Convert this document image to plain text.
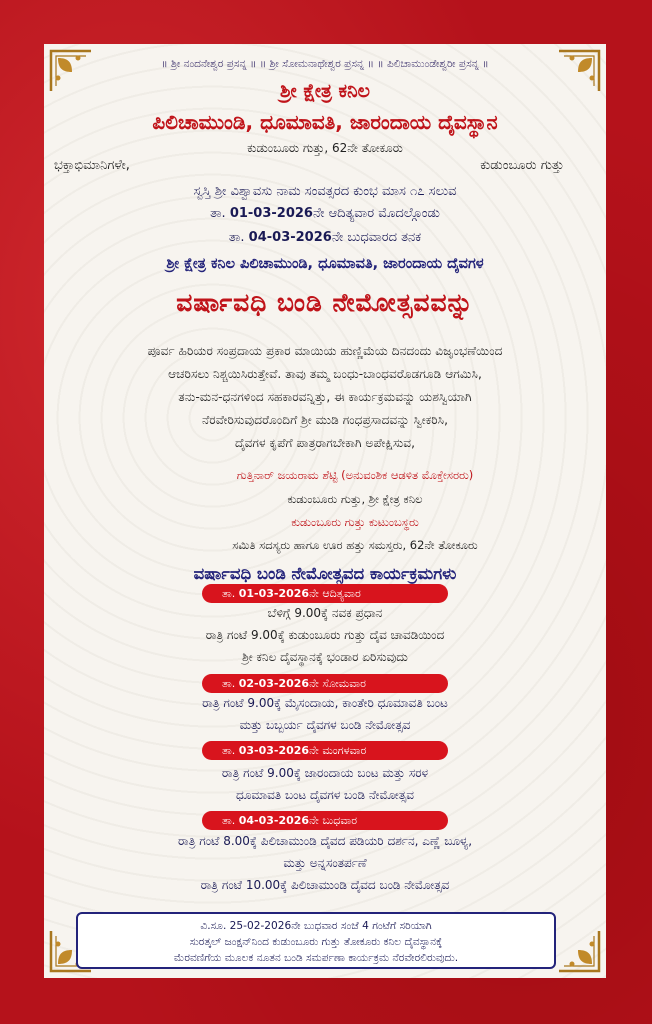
॥ ಶ್ರೀ ನಂದನೇಶ್ವರ ಪ್ರಸನ್ನ ॥ ॥ ಶ್ರೀ ಸೋಮನಾಥೇಶ್ವರ ಪ್ರಸನ್ನ ॥ ॥ ಪಿಲಿಚಾಮುಂಡೇಶ್ವರೀ ಪ್ರಸನ್ನ ॥
ಶ್ರೀ ಕ್ಷೇತ್ರ ಕನಿಲ
ಪಿಲಿಚಾಮುಂಡಿ, ಧೂಮಾವತಿ, ಜಾರಂದಾಯ ದೈವಸ್ಥಾನ
ಕುಡುಂಬೂರು ಗುತ್ತು, 62ನೇ ತೋಕೂರು
ಭಕ್ತಾಭಿಮಾನಿಗಳೇ,	ಕುಡುಂಬೂರು ಗುತ್ತು
ಸ್ವಸ್ತಿ ಶ್ರೀ ವಿಶ್ವಾವಸು ನಾಮ ಸಂವತ್ಸರದ ಕುಂಭ ಮಾಸ ೧೭ ಸಲುವ
ತಾ. 01-03-2026ನೇ ಆದಿತ್ಯವಾರ ಮೊದಲ್ಗೊಂಡು
ತಾ. 04-03-2026ನೇ ಬುಧವಾರದ ತನಕ
ಶ್ರೀ ಕ್ಷೇತ್ರ ಕನಿಲ ಪಿಲಿಚಾಮುಂಡಿ, ಧೂಮಾವತಿ, ಜಾರಂದಾಯ ದೈವಗಳ
ವರ್ಷಾವಧಿ ಬಂಡಿ ನೇಮೋತ್ಸವವನ್ನು
ಪೂರ್ವ ಹಿರಿಯರ ಸಂಪ್ರದಾಯ ಪ್ರಕಾರ ಮಾಯಿಯ ಹುಣ್ಣಿಮೆಯ ದಿನದಂದು ವಿಜೃಂಭಣೆಯಿಂದ
ಆಚರಿಸಲು ನಿಶ್ಚಯಿಸಿರುತ್ತೇವೆ. ತಾವು ತಮ್ಮ ಬಂಧು-ಬಾಂಧವರೊಡಗೂಡಿ ಆಗಮಿಸಿ,
ತನು-ಮನ-ಧನಗಳಿಂದ ಸಹಕಾರವನ್ನಿತ್ತು, ಈ ಕಾರ್ಯಕ್ರಮವನ್ನು ಯಶಸ್ವಿಯಾಗಿ
ನೆರವೇರಿಸುವುದರೊಂದಿಗೆ ಶ್ರೀ ಮುಡಿ ಗಂಧಪ್ರಸಾದವನ್ನು ಸ್ವೀಕರಿಸಿ,
ದೈವಗಳ ಕೃಪೆಗೆ ಪಾತ್ರರಾಗಬೇಕಾಗಿ ಅಪೇಕ್ಷಿಸುವ,
ಗುತ್ತಿನಾರ್ ಜಯರಾಮ ಶೆಟ್ಟಿ (ಅನುವಂಶಿಕ ಆಡಳಿತ ಮೊಕ್ತೇಸರರು)
ಕುಡುಂಬೂರು ಗುತ್ತು, ಶ್ರೀ ಕ್ಷೇತ್ರ ಕನಿಲ
ಕುಡುಂಬೂರು ಗುತ್ತು ಕುಟುಂಬಸ್ಥರು
ಸಮಿತಿ ಸದಸ್ಯರು ಹಾಗೂ ಊರ ಹತ್ತು ಸಮಸ್ತರು, 62ನೇ ತೋಕೂರು
ವರ್ಷಾವಧಿ ಬಂಡಿ ನೇಮೋತ್ಸವದ ಕಾರ್ಯಕ್ರಮಗಳು
ತಾ. 01-03-2026ನೇ ಆದಿತ್ಯವಾರ
ಬೆಳಿಗ್ಗೆ 9.00ಕ್ಕೆ ನವಕ ಪ್ರಧಾನ
ರಾತ್ರಿ ಗಂಟೆ 9.00ಕ್ಕೆ ಕುಡುಂಬೂರು ಗುತ್ತು ದೈವ ಚಾವಡಿಯಿಂದ
ಶ್ರೀ ಕನಿಲ ದೈವಸ್ಥಾನಕ್ಕೆ ಭಂಡಾರ ಏರಿಸುವುದು
ತಾ. 02-03-2026ನೇ ಸೋಮವಾರ
ರಾತ್ರಿ ಗಂಟೆ 9.00ಕ್ಕೆ ಮೈಸಂದಾಯ, ಕಾಂತೇರಿ ಧೂಮಾವತಿ ಬಂಟ
ಮತ್ತು ಬಬ್ಬರ್ಯ ದೈವಗಳ ಬಂಡಿ ನೇಮೋತ್ಸವ
ತಾ. 03-03-2026ನೇ ಮಂಗಳವಾರ
ರಾತ್ರಿ ಗಂಟೆ 9.00ಕ್ಕೆ ಜಾರಂದಾಯ ಬಂಟ ಮತ್ತು ಸರಳ
ಧೂಮಾವತಿ ಬಂಟ ದೈವಗಳ ಬಂಡಿ ನೇಮೋತ್ಸವ
ತಾ. 04-03-2026ನೇ ಬುಧವಾರ
ರಾತ್ರಿ ಗಂಟೆ 8.00ಕ್ಕೆ ಪಿಲಿಚಾಮುಂಡಿ ದೈವದ ಪಡಿಯರಿ ದರ್ಶನ, ಎಣ್ಣೆ ಬೂಳ್ಯ,
ಮತ್ತು ಅನ್ನಸಂತರ್ಪಣೆ
ರಾತ್ರಿ ಗಂಟೆ 10.00ಕ್ಕೆ ಪಿಲಿಚಾಮುಂಡಿ ದೈವದ ಬಂಡಿ ನೇಮೋತ್ಸವ
ವಿ.ಸೂ. 25-02-2026ನೇ ಬುಧವಾರ ಸಂಜೆ 4 ಗಂಟೆಗೆ ಸರಿಯಾಗಿ
ಸುರತ್ಕಲ್ ಜಂಕ್ಷನ್‌ನಿಂದ ಕುಡುಂಬೂರು ಗುತ್ತು ತೋಕೂರು ಕನಿಲ ದೈವಸ್ಥಾನಕ್ಕೆ
ಮೆರವಣಿಗೆಯ ಮೂಲಕ ನೂತನ ಬಂಡಿ ಸಮರ್ಪಣಾ ಕಾರ್ಯಕ್ರಮ ನೆರವೇರಲಿರುವುದು.
